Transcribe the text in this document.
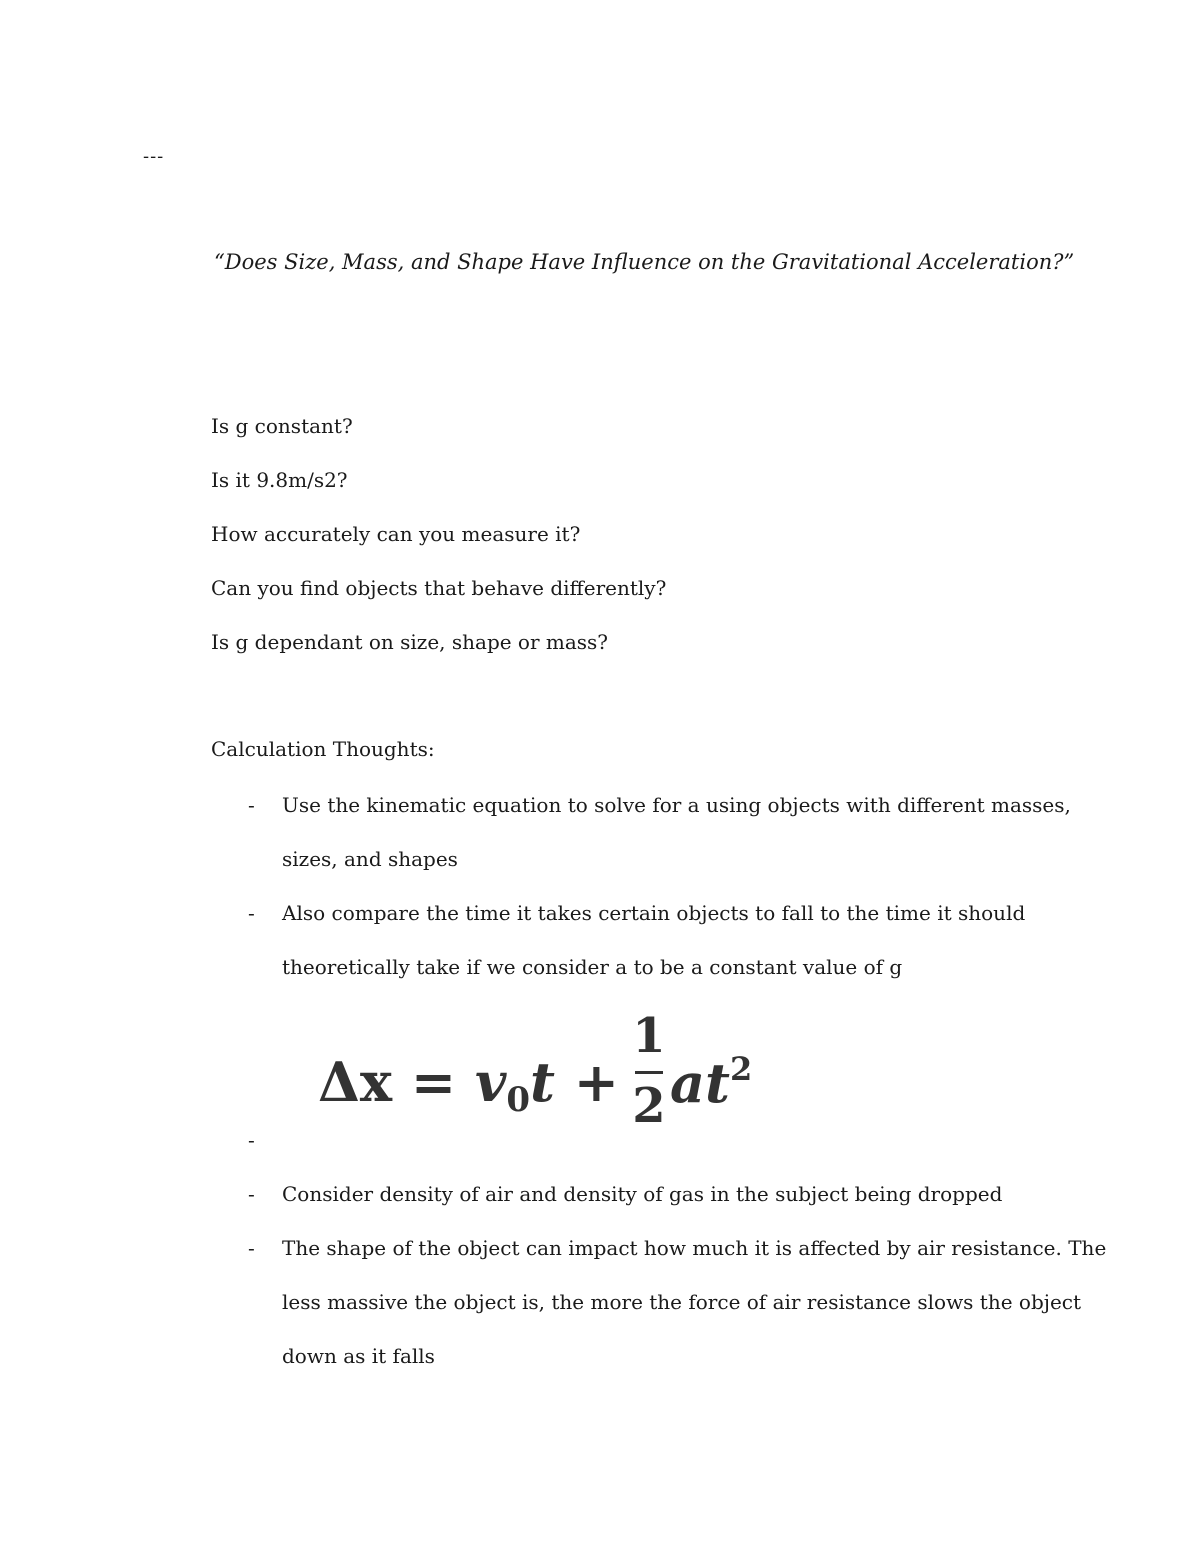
---
“Does Size, Mass, and Shape Have Influence on the Gravitational Acceleration?”
Is g constant?
Is it 9.8m/s2?
How accurately can you measure it?
Can you find objects that behave differently?
Is g dependant on size, shape or mass?
Calculation Thoughts:
- Use the kinematic equation to solve for a using objects with different masses,
sizes, and shapes
- Also compare the time it takes certain objects to fall to the time it should
theoretically take if we consider a to be a constant value of g
-
$\Delta x = v_0t$ +
1
2 $at^2$
- Consider density of air and density of gas in the subject being dropped
- The shape of the object can impact how much it is affected by air resistance. The
less massive the object is, the more the force of air resistance slows the object
down as it falls
